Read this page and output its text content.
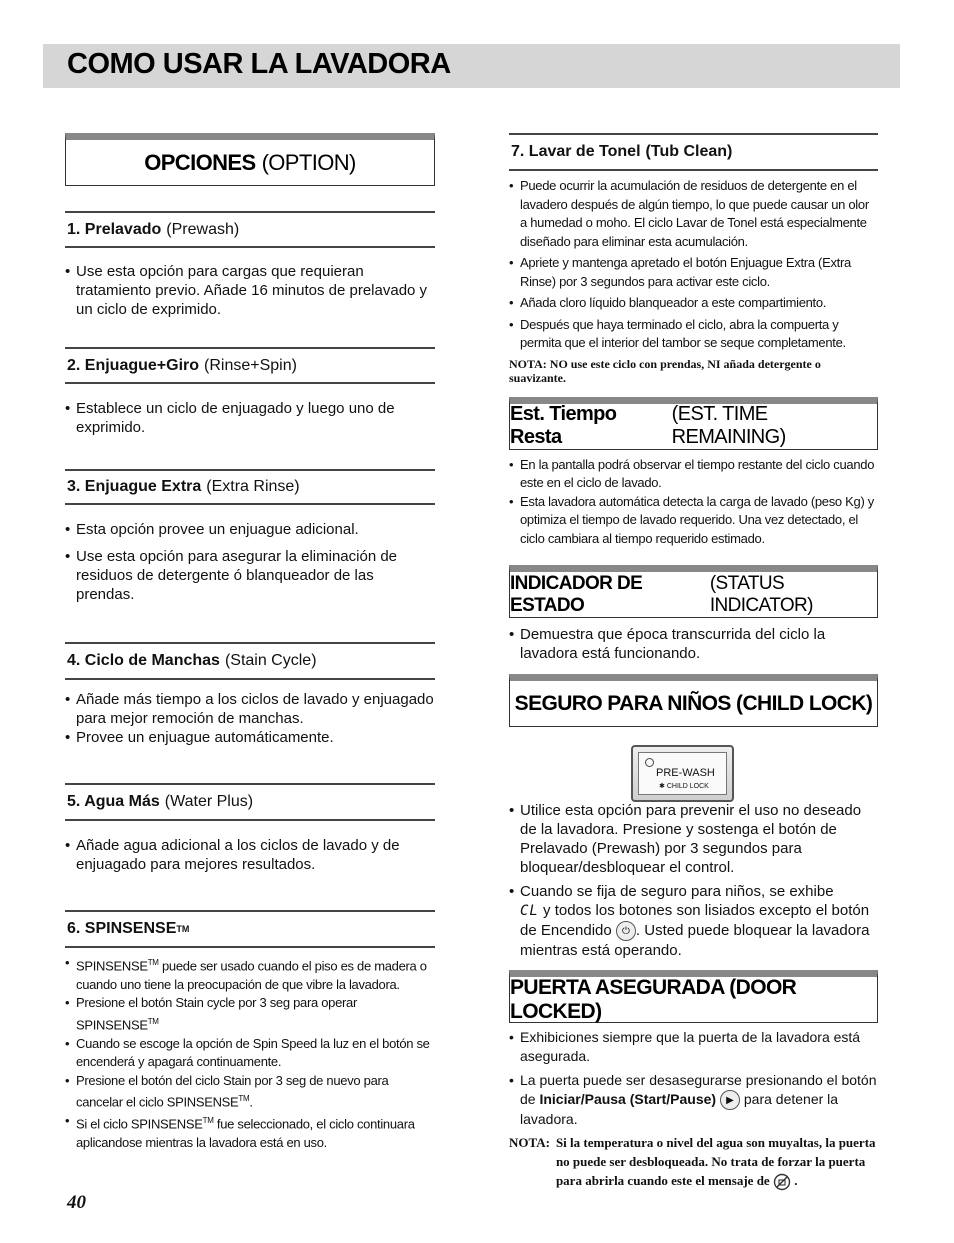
COMO USAR LA LAVADORA
OPCIONES (OPTION)
1. Prelavado (Prewash)
• Use esta opción para cargas que requieran tratamiento previo. Añade 16 minutos de prelavado y un ciclo de exprimido.
2. Enjuague+Giro (Rinse+Spin)
• Establece un ciclo de enjuagado y luego uno de exprimido.
3. Enjuague Extra (Extra Rinse)
• Esta opción provee un enjuague adicional.
• Use esta opción para asegurar la eliminación de residuos de detergente ó blanqueador de las prendas.
4. Ciclo de Manchas (Stain Cycle)
• Añade más tiempo a los ciclos de lavado y enjuagado para mejor remoción de manchas.
• Provee un enjuague automáticamente.
5. Agua Más (Water Plus)
• Añade agua adicional a los ciclos de lavado y de enjuagado para mejores resultados.
6. SPINSENSE TM
• SPINSENSE™ puede ser usado cuando el piso es de madera o cuando uno tiene la preocupación de que vibre la lavadora.
• Presione el botón Stain cycle por 3 seg para operar SPINSENSE™
• Cuando se escoge la opción de Spin Speed la luz en el botón se encenderá y apagará continuamente.
• Presione el botón del ciclo Stain por 3 seg de nuevo para cancelar el ciclo SPINSENSE™.
• Si el ciclo SPINSENSE™ fue seleccionado, el ciclo continuara aplicandose mientras la lavadora está en uso.
7. Lavar de Tonel (Tub Clean)
• Puede ocurrir la acumulación de residuos de detergente en el lavadero después de algún tiempo, lo que puede causar un olor a humedad o moho. El ciclo Lavar de Tonel está especialmente diseñado para eliminar esta acumulación.
• Apriete y mantenga apretado el botón Enjuague Extra (Extra Rinse) por 3 segundos para activar este ciclo.
• Añada cloro líquido blanqueador a este compartimiento.
• Después que haya terminado el ciclo, abra la compuerta y permita que el interior del tambor se seque completamente.
NOTA: NO use este ciclo con prendas, NI añada detergente o suavizante.
Est. Tiempo Resta
(EST. TIME REMAINING)
• En la pantalla podrá observar el tiempo restante del ciclo cuando este en el ciclo de lavado.
• Esta lavadora automática detecta la carga de lavado (peso Kg) y optimiza el tiempo de lavado requerido. Una vez detectado, el ciclo cambiara al tiempo requerido estimado.
INDICADOR DE ESTADO
(STATUS INDICATOR)
• Demuestra que época transcurrida del ciclo la lavadora está funcionando.
SEGURO PARA NIÑOS (CHILD LOCK)
• Utilice esta opción para prevenir el uso no deseado de la lavadora. Presione y sostenga el botón de Prelavado (Prewash) por 3 segundos para bloquear/desbloquear el control.
• Cuando se fija de seguro para niños, se exhibe
CL y todos los botones son lisiados excepto el botón de Encendido ⏻ . Usted puede bloquear la lavadora mientras está operando.
PUERTA ASEGURADA (DOOR LOCKED)
• Exhibiciones siempre que la puerta de la lavadora está asegurada.
• La puerta puede ser desasegurarse presionando el botón de Iniciar/Pausa (Start/Pause) ▶ para detener la lavadora.
NOTA: Si la temperatura o nivel del agua son muyaltas, la puerta no puede ser desbloqueada. No trata de forzar la puerta para abrirla cuando este el mensaje de .
PRE-WASH
✱ CHILD LOCK
40
